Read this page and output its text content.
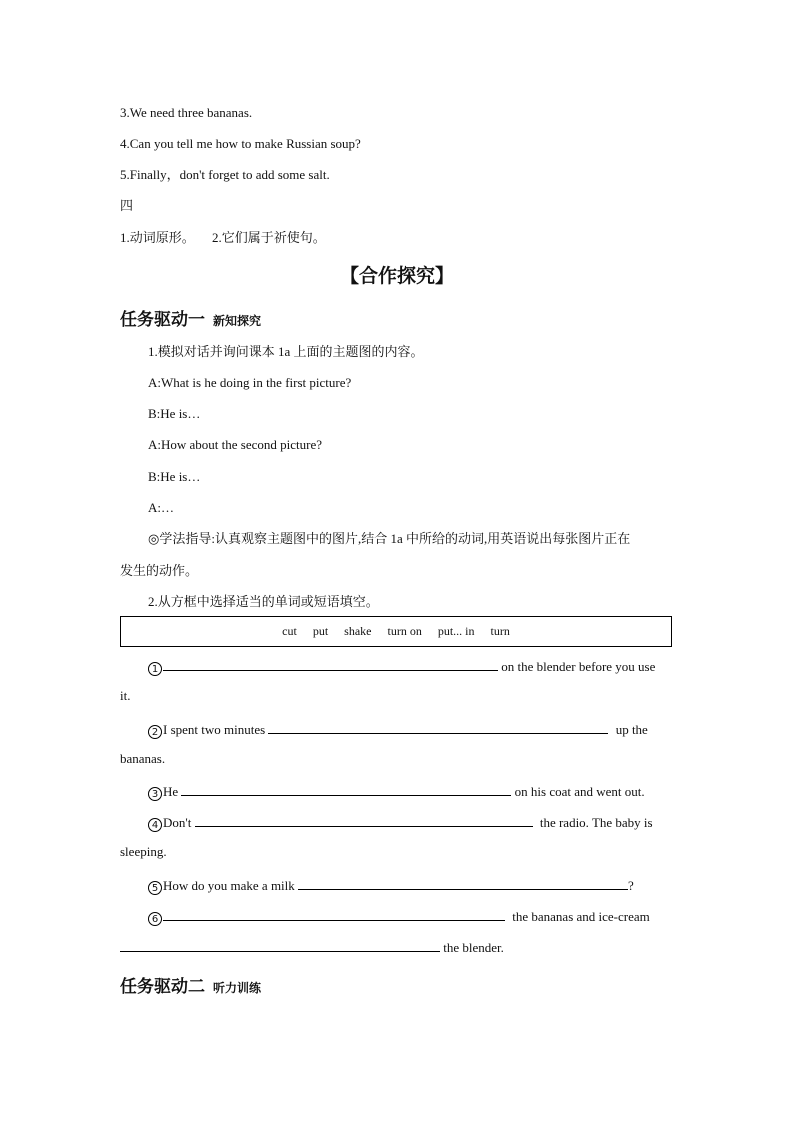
3.We need three bananas.
4.Can you tell me how to make Russian soup?
5.Finally，don't forget to add some salt.
四
1.动词原形。 2.它们属于祈使句。
【合作探究】
任务驱动一 新知探究
1.模拟对话并询问课本 1a 上面的主题图的内容。
A:What is he doing in the first picture?
B:He is…
A:How about the second picture?
B:He is…
A:…
◎学法指导:认真观察主题图中的图片,结合 1a 中所给的动词,用英语说出每张图片正在
发生的动作。
2.从方框中选择适当的单词或短语填空。
cut put shake turn on put... in turn
1	on the blender before you use
it.
2 I spent two minutes	up the
bananas.
3 He	on his coat and went out.
4 Don't	the radio. The baby is
sleeping.
5 How do you make a milk	?
6	the bananas and ice-cream
the blender.
任务驱动二 听力训练
